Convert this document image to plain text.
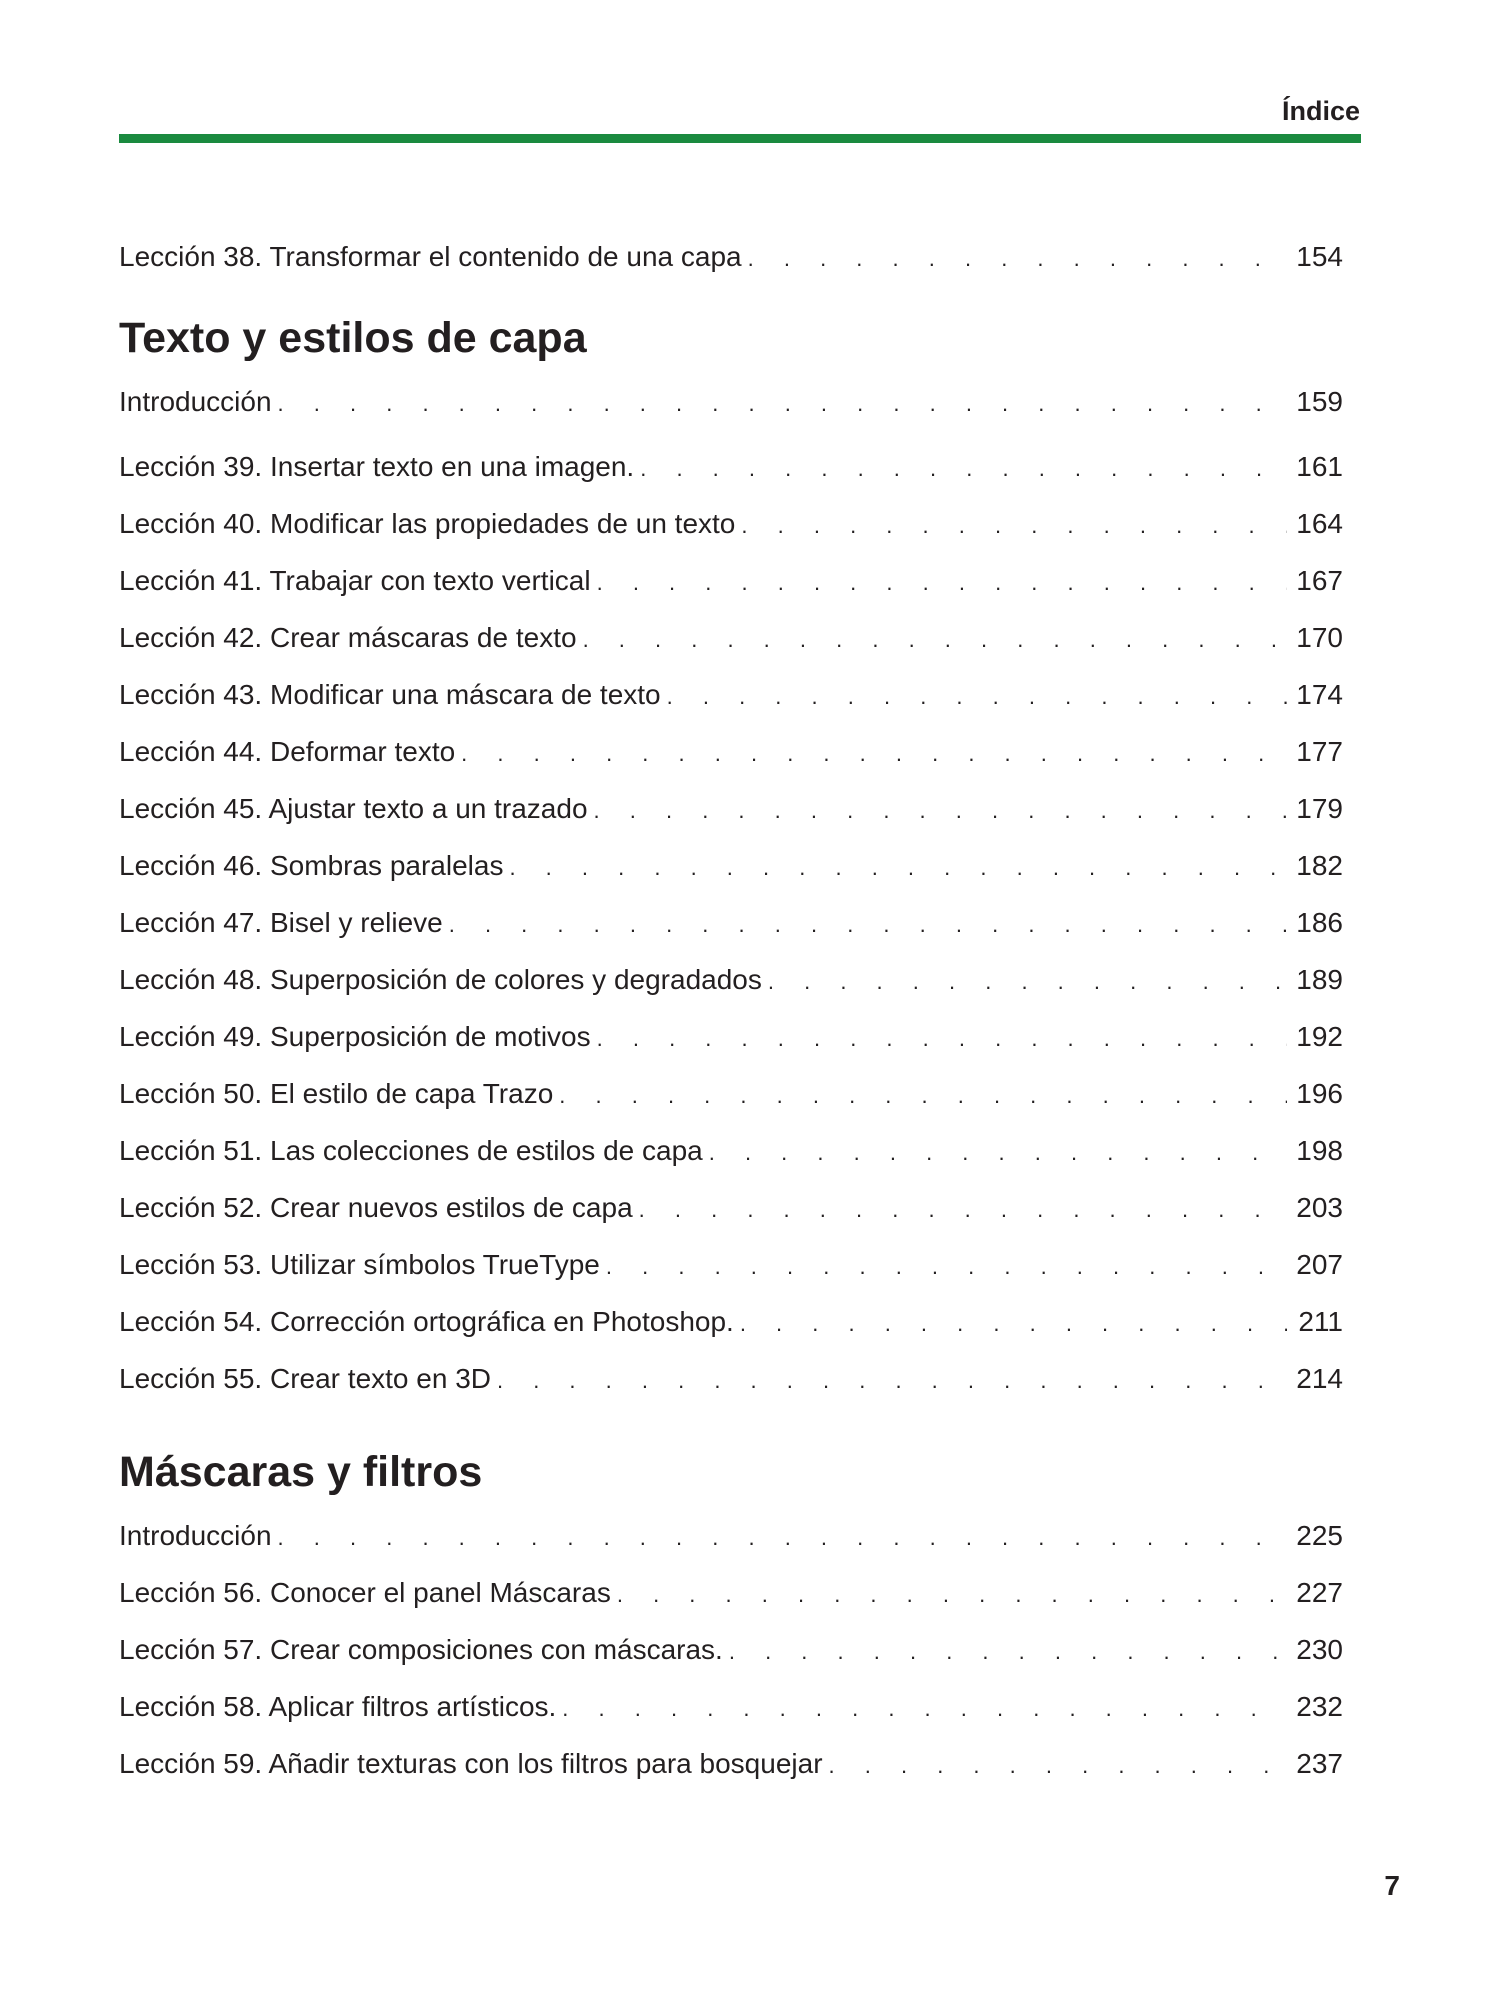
Índice
Lección 38. Transformar el contenido de una capa . . .	154
Texto y estilos de capa
Introducción . . .	159
Lección 39. Insertar texto en una imagen. . . .	161
Lección 40. Modificar las propiedades de un texto . . .	164
Lección 41. Trabajar con texto vertical . . .	167
Lección 42. Crear máscaras de texto . . .	170
Lección 43. Modificar una máscara de texto . . .	174
Lección 44. Deformar texto . . .	177
Lección 45. Ajustar texto a un trazado . . .	179
Lección 46. Sombras paralelas . . .	182
Lección 47. Bisel y relieve . . .	186
Lección 48. Superposición de colores y degradados . . .	189
Lección 49. Superposición de motivos . . .	192
Lección 50. El estilo de capa Trazo . . .	196
Lección 51. Las colecciones de estilos de capa . . .	198
Lección 52. Crear nuevos estilos de capa . . .	203
Lección 53. Utilizar símbolos TrueType . . .	207
Lección 54. Corrección ortográfica en Photoshop. . . .	211
Lección 55. Crear texto en 3D . . .	214
Máscaras y filtros
Introducción . . .	225
Lección 56. Conocer el panel Máscaras . . .	227
Lección 57. Crear composiciones con máscaras. . . .	230
Lección 58. Aplicar filtros artísticos. . . .	232
Lección 59. Añadir texturas con los filtros para bosquejar . . .	237
7
